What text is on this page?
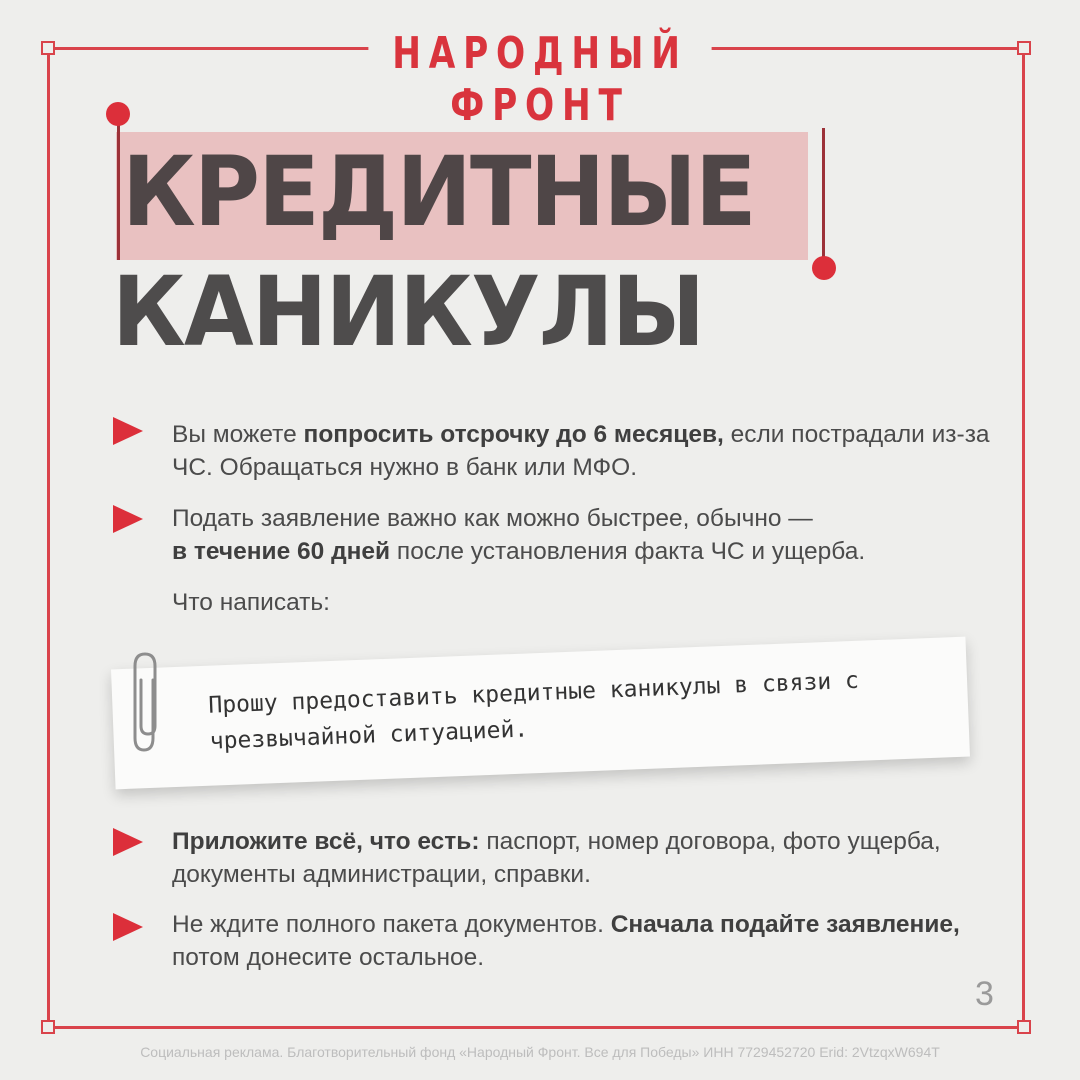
НАРОДНЫЙ ФРОНТ
КРЕДИТНЫЕ
КАНИКУЛЫ
Вы можете попросить отсрочку до 6 месяцев, если пострадали из-за ЧС. Обращаться нужно в банк или МФО.
Подать заявление важно как можно быстрее, обычно —
в течение 60 дней после установления факта ЧС и ущерба.
Что написать:
Прошу предоставить кредитные каникулы в связи с чрезвычайной ситуацией.
Приложите всё, что есть: паспорт, номер договора, фото ущерба, документы администрации, справки.
Не ждите полного пакета документов. Сначала подайте заявление, потом донесите остальное.
3
Социальная реклама. Благотворительный фонд «Народный Фронт. Все для Победы» ИНН 7729452720 Erid: 2VtzqxW694T
